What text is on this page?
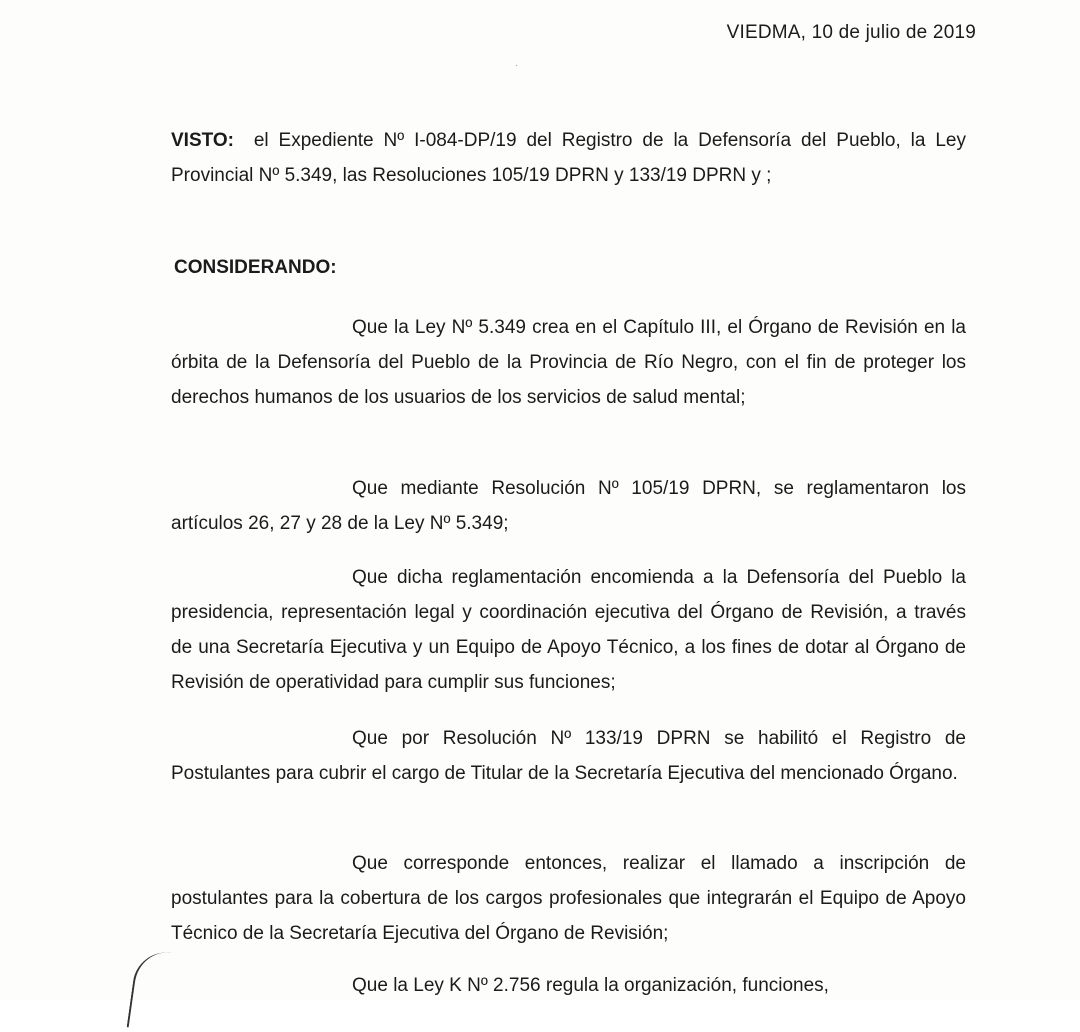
VIEDMA, 10 de julio de 2019
·
VISTO: el Expediente Nº I-084-DP/19 del Registro de la Defensoría del Pueblo, la Ley Provincial Nº 5.349, las Resoluciones 105/19 DPRN y 133/19 DPRN y ;
CONSIDERANDO:
Que la Ley Nº 5.349 crea en el Capítulo III, el Órgano de Revisión en la órbita de la Defensoría del Pueblo de la Provincia de Río Negro, con el fin de proteger los derechos humanos de los usuarios de los servicios de salud mental;
Que mediante Resolución Nº 105/19 DPRN, se reglamentaron los artículos 26, 27 y 28 de la Ley Nº 5.349;
Que dicha reglamentación encomienda a la Defensoría del Pueblo la presidencia, representación legal y coordinación ejecutiva del Órgano de Revisión, a través de una Secretaría Ejecutiva y un Equipo de Apoyo Técnico, a los fines de dotar al Órgano de Revisión de operatividad para cumplir sus funciones;
Que por Resolución Nº 133/19 DPRN se habilitó el Registro de Postulantes para cubrir el cargo de Titular de la Secretaría Ejecutiva del mencionado Órgano.
Que corresponde entonces, realizar el llamado a inscripción de postulantes para la cobertura de los cargos profesionales que integrarán el Equipo de Apoyo Técnico de la Secretaría Ejecutiva del Órgano de Revisión;
Que la Ley K Nº 2.756 regula la organización, funciones,
